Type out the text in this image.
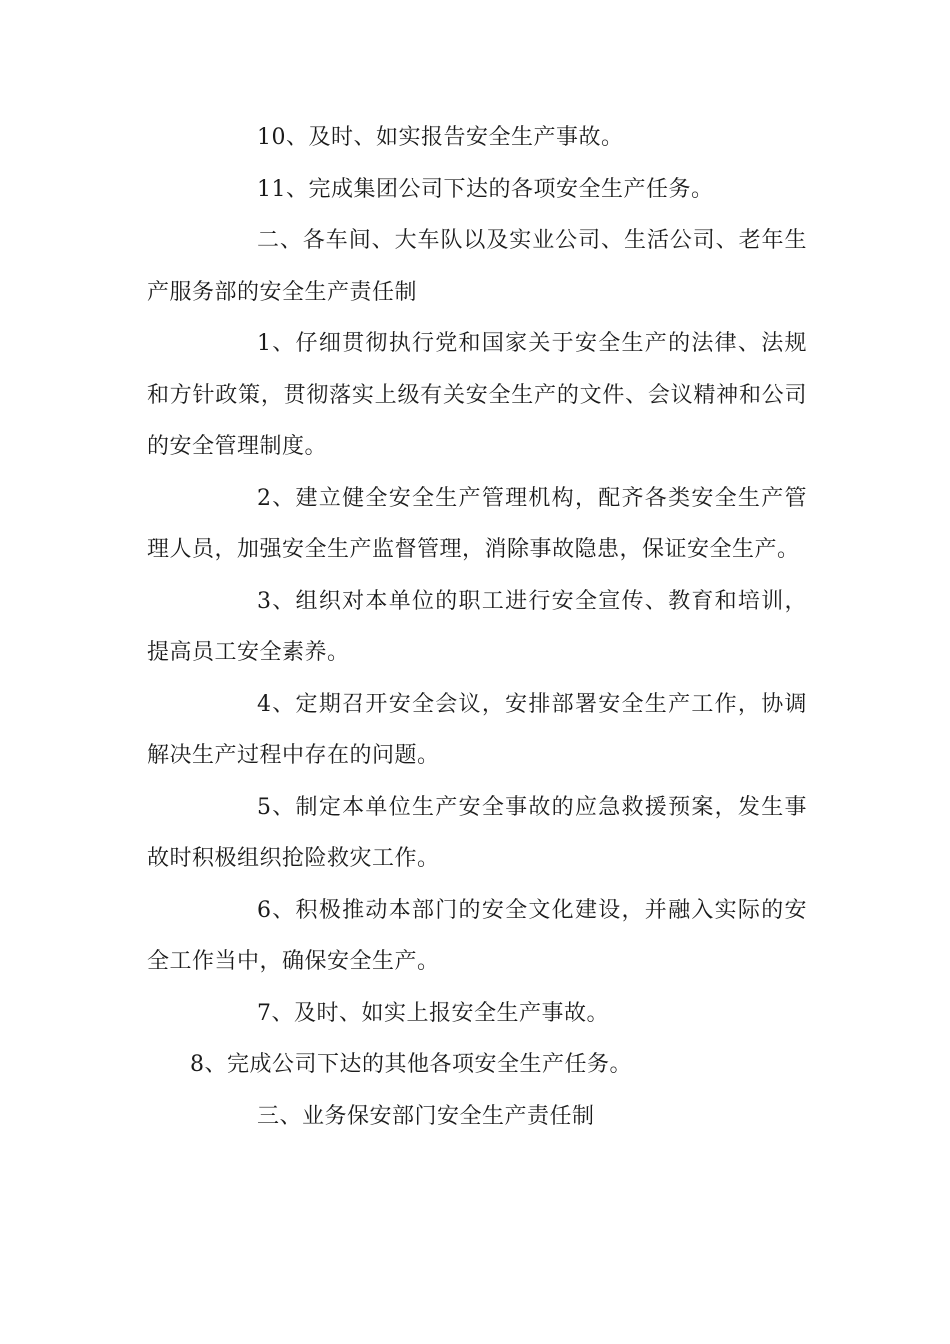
10、及时、如实报告安全生产事故。

11、完成集团公司下达的各项安全生产任务。

二、各车间、大车队以及实业公司、生活公司、老年生产服务部的安全生产责任制

1、仔细贯彻执行党和国家关于安全生产的法律、法规和方针政策，贯彻落实上级有关安全生产的文件、会议精神和公司的安全管理制度。

2、建立健全安全生产管理机构，配齐各类安全生产管理人员，加强安全生产监督管理，消除事故隐患，保证安全生产。

3、组织对本单位的职工进行安全宣传、教育和培训，提高员工安全素养。

4、定期召开安全会议，安排部署安全生产工作，协调解决生产过程中存在的问题。

5、制定本单位生产安全事故的应急救援预案，发生事故时积极组织抢险救灾工作。

6、积极推动本部门的安全文化建设，并融入实际的安全工作当中，确保安全生产。

7、及时、如实上报安全生产事故。

8、完成公司下达的其他各项安全生产任务。

三、业务保安部门安全生产责任制
